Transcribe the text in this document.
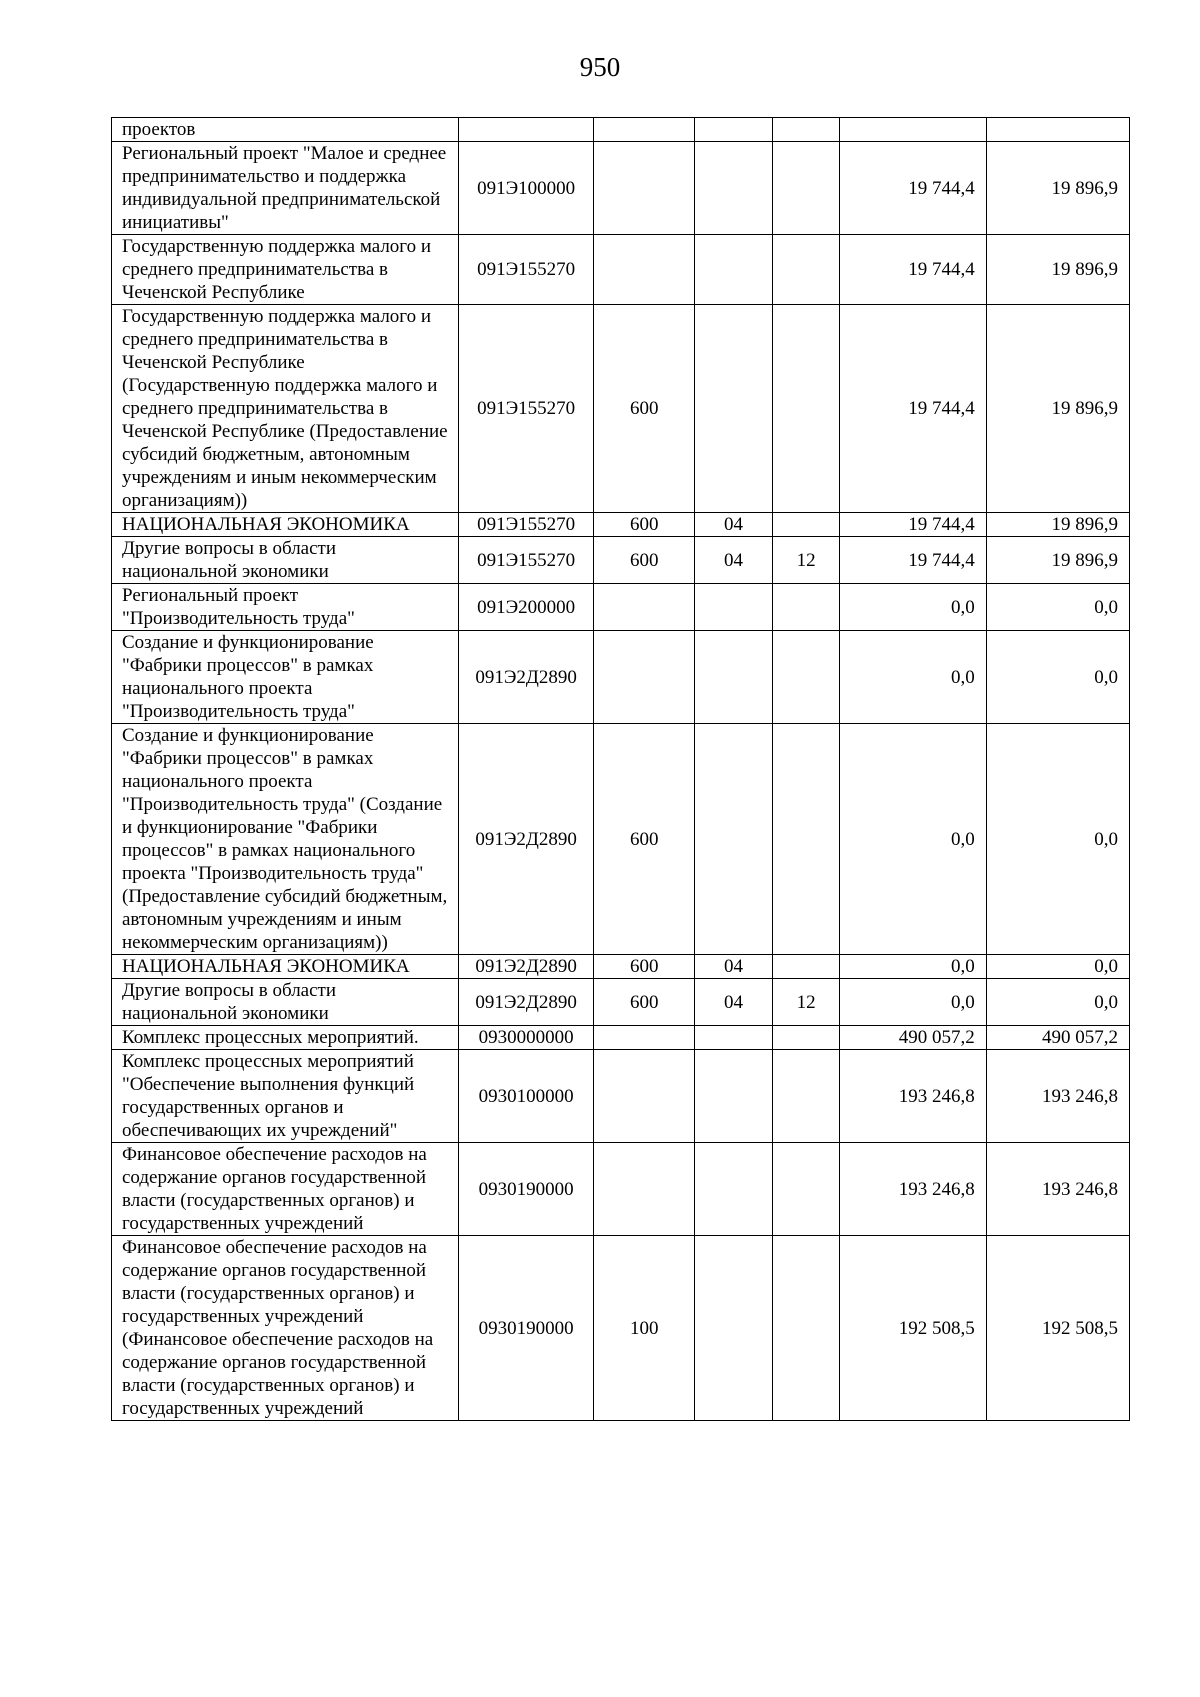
950
проектов						
Региональный проект "Малое и среднее предпринимательство и поддержка индивидуальной предпринимательской инициативы"	091Э100000				19 744,4	19 896,9
Государственную поддержка малого и среднего предпринимательства в Чеченской Республике	091Э155270				19 744,4	19 896,9
Государственную поддержка малого и среднего предпринимательства в Чеченской Республике (Государственную поддержка малого и среднего предпринимательства в Чеченской Республике (Предоставление субсидий бюджетным, автономным учреждениям и иным некоммерческим организациям))	091Э155270	600			19 744,4	19 896,9
НАЦИОНАЛЬНАЯ ЭКОНОМИКА	091Э155270	600	04		19 744,4	19 896,9
Другие вопросы в области национальной экономики	091Э155270	600	04	12	19 744,4	19 896,9
Региональный проект "Производительность труда"	091Э200000				0,0	0,0
Создание и функционирование "Фабрики процессов" в рамках национального проекта "Производительность труда"	091Э2Д2890				0,0	0,0
Создание и функционирование "Фабрики процессов" в рамках национального проекта "Производительность труда" (Создание и функционирование "Фабрики процессов" в рамках национального проекта "Производительность труда" (Предоставление субсидий бюджетным, автономным учреждениям и иным некоммерческим организациям))	091Э2Д2890	600			0,0	0,0
НАЦИОНАЛЬНАЯ ЭКОНОМИКА	091Э2Д2890	600	04		0,0	0,0
Другие вопросы в области национальной экономики	091Э2Д2890	600	04	12	0,0	0,0
Комплекс процессных мероприятий.	0930000000				490 057,2	490 057,2
Комплекс процессных мероприятий "Обеспечение выполнения функций государственных органов и обеспечивающих их учреждений"	0930100000				193 246,8	193 246,8
Финансовое обеспечение расходов на содержание органов государственной власти (государственных органов) и государственных учреждений	0930190000				193 246,8	193 246,8
Финансовое обеспечение расходов на содержание органов государственной власти (государственных органов) и государственных учреждений (Финансовое обеспечение расходов на содержание органов государственной власти (государственных органов) и государственных учреждений	0930190000	100			192 508,5	192 508,5
